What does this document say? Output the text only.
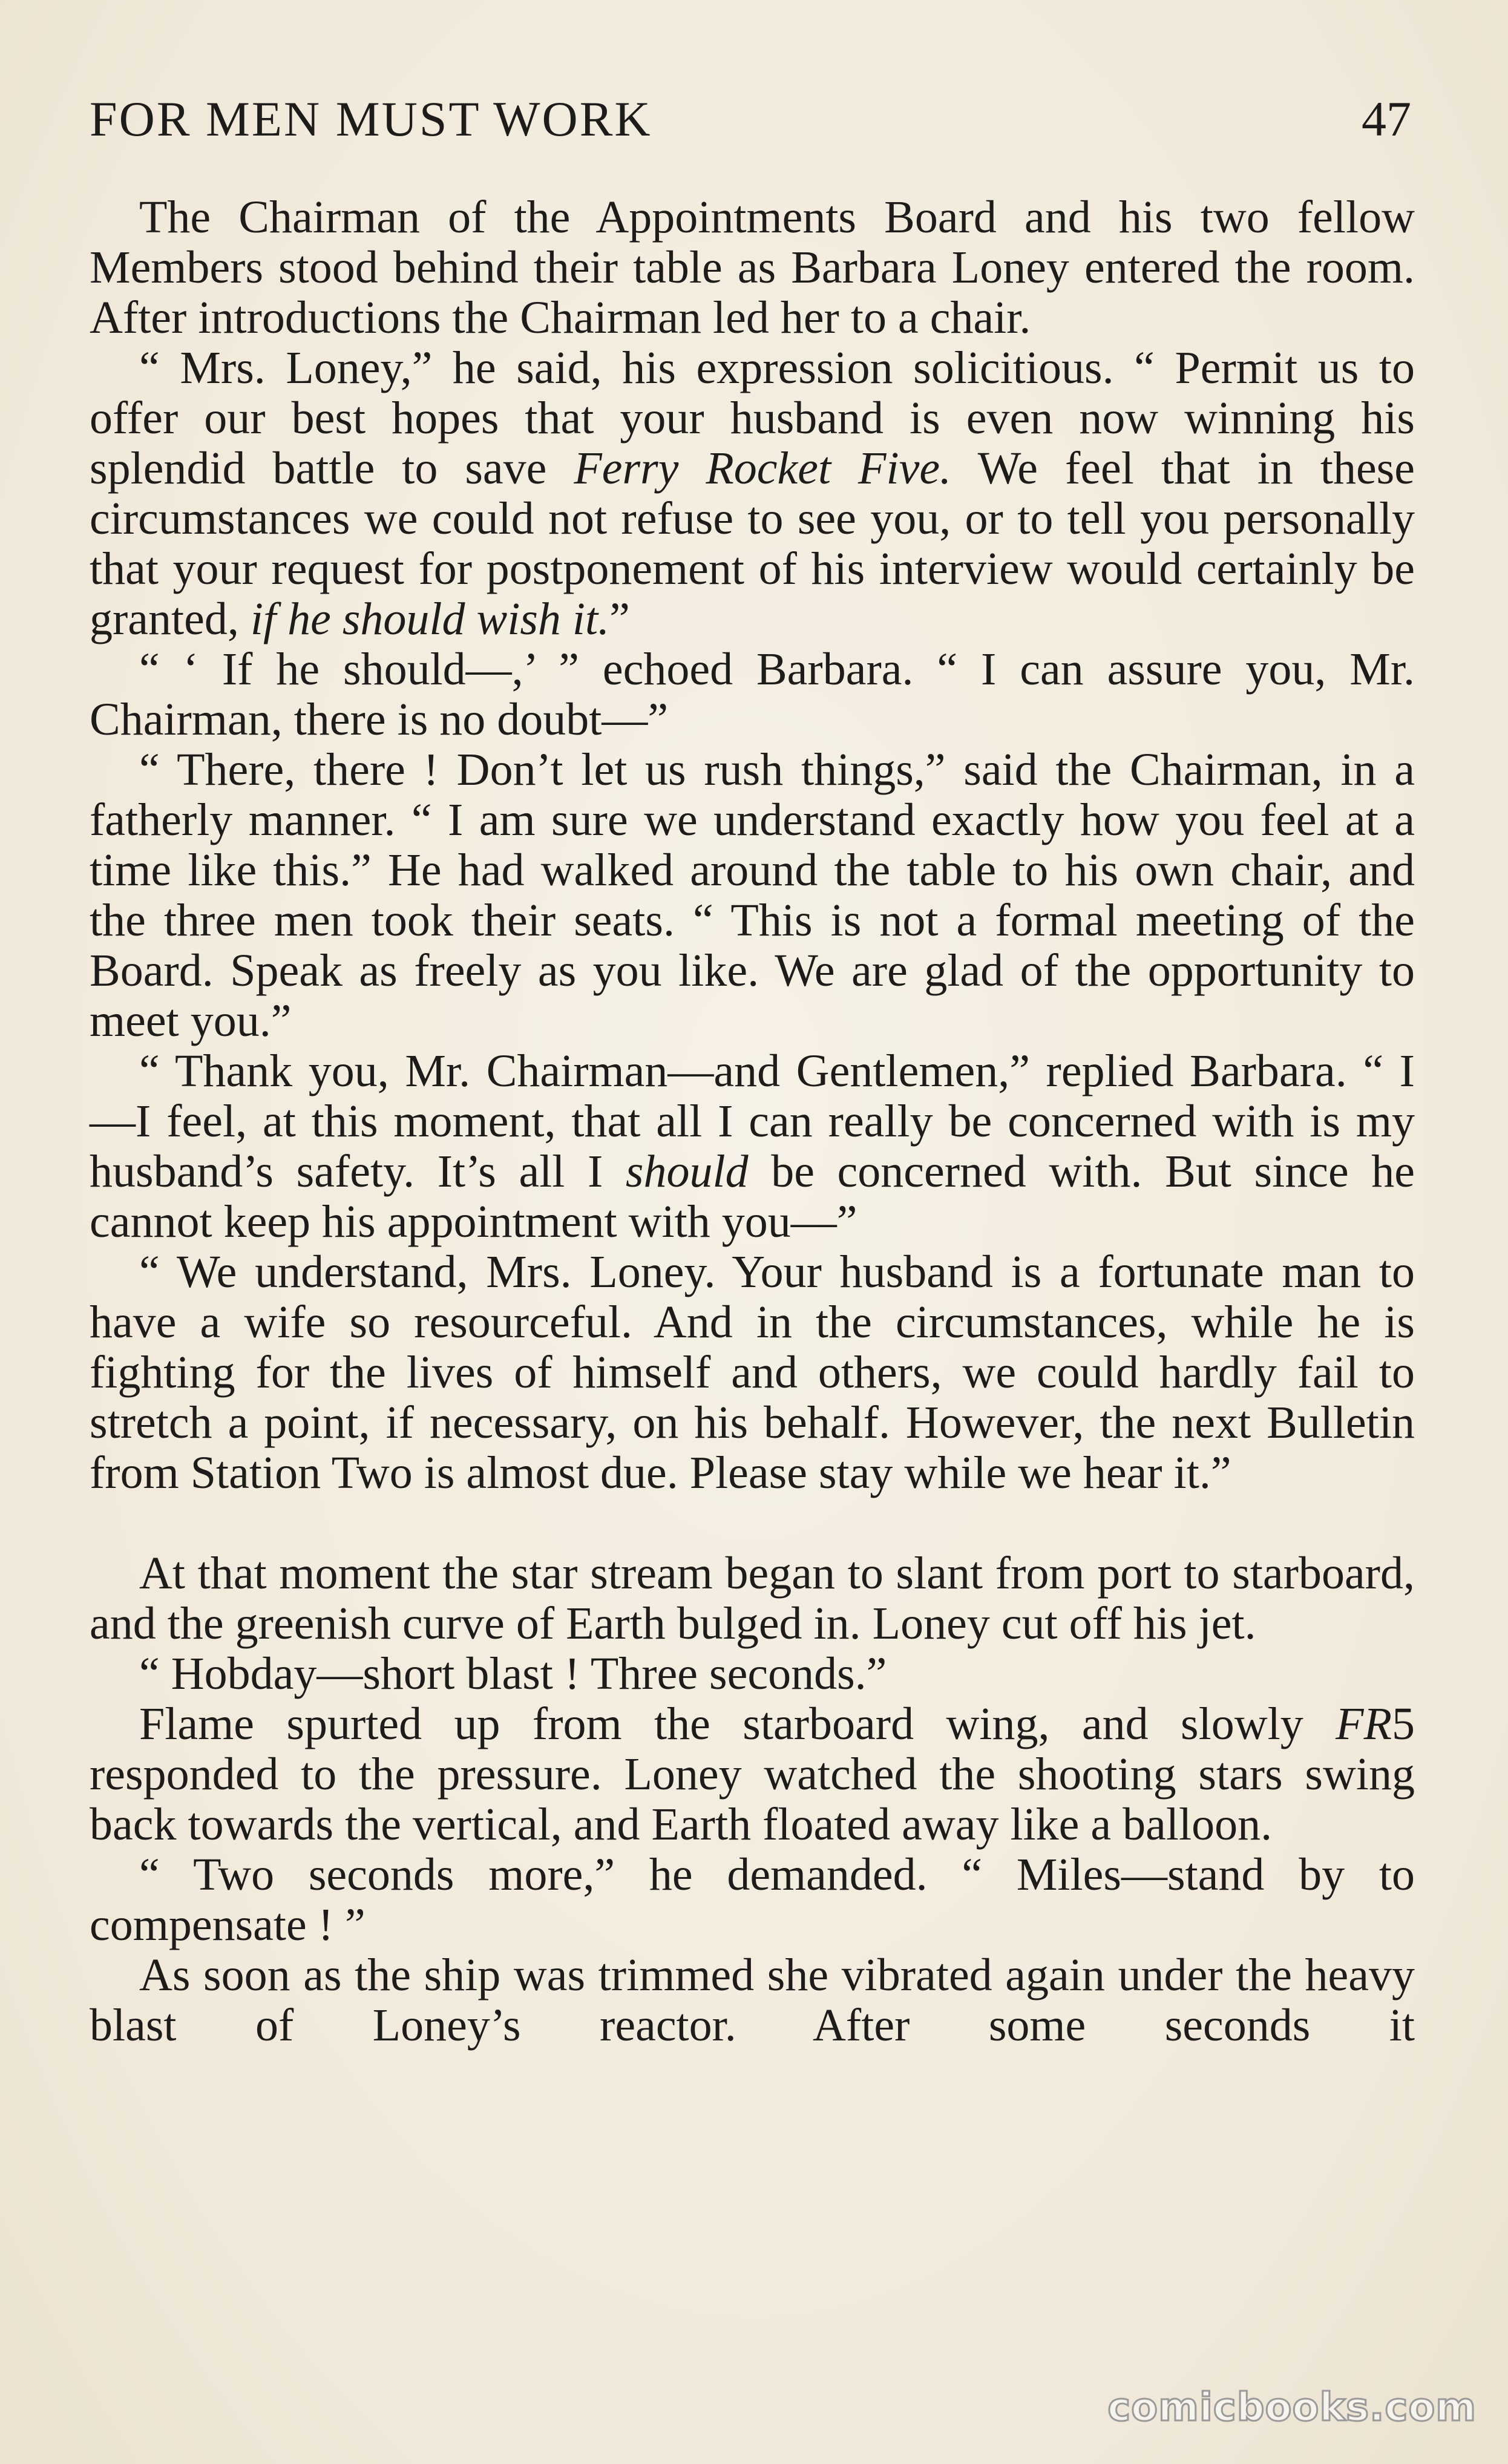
FOR MEN MUST WORK	47

The Chairman of the Appointments Board and his two fellow Members stood behind their table as Barbara Loney entered the room. After introductions the Chairman led her to a chair.

“ Mrs. Loney,” he said, his expression solicitious. “ Permit us to offer our best hopes that your husband is even now winning his splendid battle to save Ferry Rocket Five. We feel that in these circumstances we could not refuse to see you, or to tell you personally that your request for postponement of his interview would certainly be granted, if he should wish it.”

“ ‘ If he should—,’ ” echoed Barbara. “ I can assure you, Mr. Chairman, there is no doubt—”

“ There, there ! Don’t let us rush things,” said the Chairman, in a fatherly manner. “ I am sure we understand exactly how you feel at a time like this.” He had walked around the table to his own chair, and the three men took their seats. “ This is not a formal meeting of the Board. Speak as freely as you like. We are glad of the opportunity to meet you.”

“ Thank you, Mr. Chairman—and Gentlemen,” replied Barbara. “ I—I feel, at this moment, that all I can really be concerned with is my husband’s safety. It’s all I should be concerned with. But since he cannot keep his appointment with you—”

“ We understand, Mrs. Loney. Your husband is a fortunate man to have a wife so resourceful. And in the circumstances, while he is fighting for the lives of himself and others, we could hardly fail to stretch a point, if necessary, on his behalf. However, the next Bulletin from Station Two is almost due. Please stay while we hear it.”

At that moment the star stream began to slant from port to starboard, and the greenish curve of Earth bulged in. Loney cut off his jet.

“ Hobday—short blast ! Three seconds.”

Flame spurted up from the starboard wing, and slowly FR5 responded to the pressure. Loney watched the shooting stars swing back towards the vertical, and Earth floated away like a balloon.

“ Two seconds more,” he demanded. “ Miles—stand by to compensate ! ”

As soon as the ship was trimmed she vibrated again under the heavy blast of Loney’s reactor. After some seconds it

comicbooks.com
